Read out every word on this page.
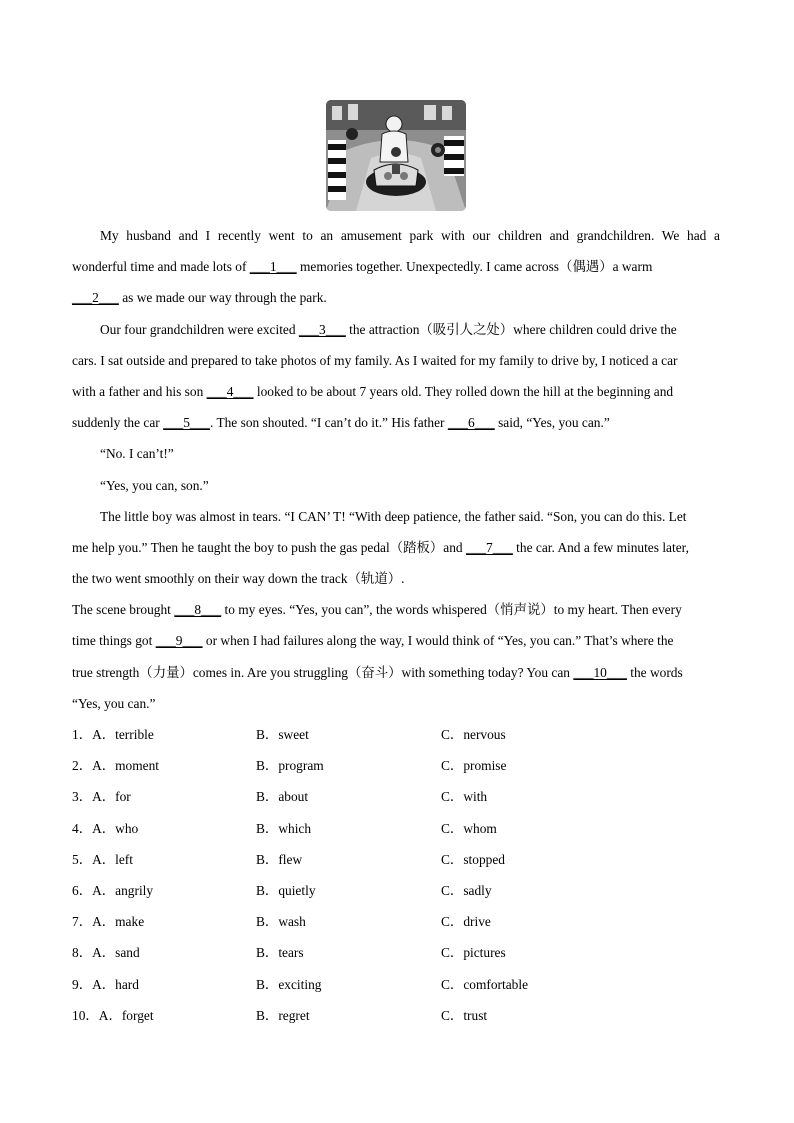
My husband and I recently went to an amusement park with our children and grandchildren. We had a
wonderful time and made lots of ___1___ memories together. Unexpectedly. I came across（偶遇）a warm
___2___ as we made our way through the park.
Our four grandchildren were excited ___3___ the attraction（吸引人之处）where children could drive the
cars. I sat outside and prepared to take photos of my family. As I waited for my family to drive by, I noticed a car
with a father and his son ___4___ looked to be about 7 years old. They rolled down the hill at the beginning and
suddenly the car ___5___. The son shouted. “I can’t do it.” His father ___6___ said, “Yes, you can.”
“No. I can’t!”
“Yes, you can, son.”
The little boy was almost in tears. “I CAN’ T! “With deep patience, the father said. “Son, you can do this. Let
me help you.” Then he taught the boy to push the gas pedal（踏板）and ___7___ the car. And a few minutes later,
the two went smoothly on their way down the track（轨道）.
The scene brought ___8___ to my eyes. “Yes, you can”, the words whispered（悄声说）to my heart. Then every
time things got ___9___ or when I had failures along the way, I would think of “Yes, you can.” That’s where the
true strength（力量）comes in. Are you struggling（奋斗）with something today? You can ___10___ the words
“Yes, you can.”
1．A．terrible	B．sweet	C．nervous
2．A．moment	B．program	C．promise
3．A．for	B．about	C．with
4．A．who	B．which	C．whom
5．A．left	B．flew	C．stopped
6．A．angrily	B．quietly	C．sadly
7．A．make	B．wash	C．drive
8．A．sand	B．tears	C．pictures
9．A．hard	B．exciting	C．comfortable
10．A．forget	B．regret	C．trust
